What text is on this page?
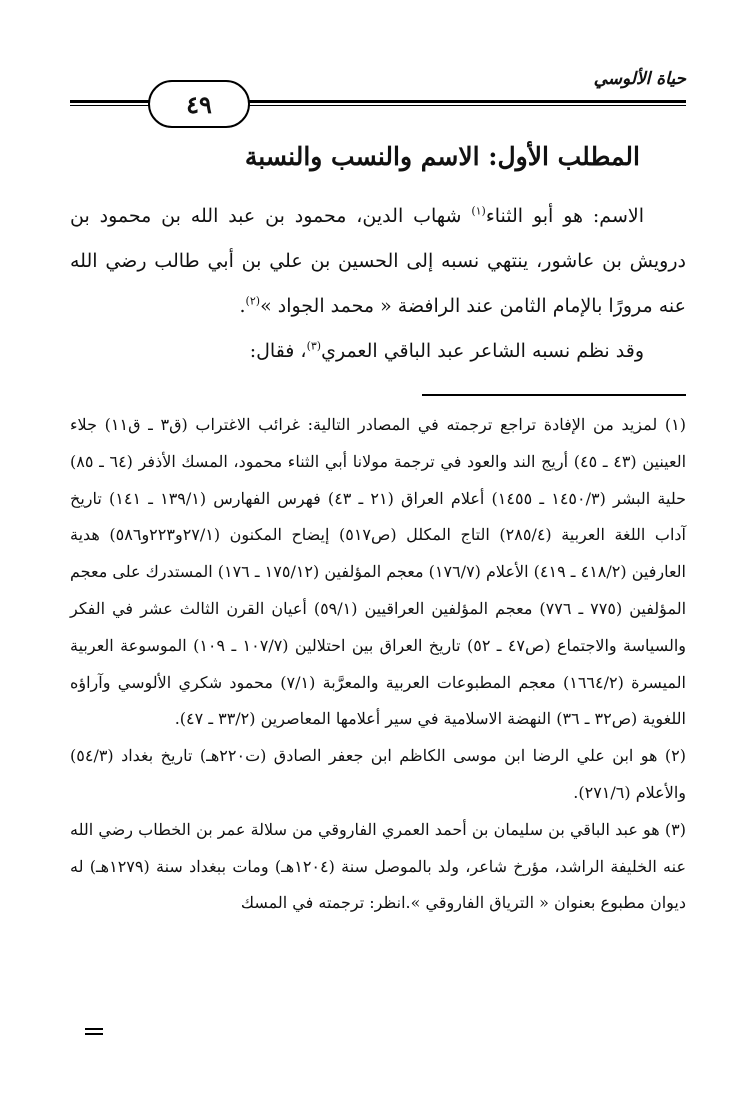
حياة الألوسي
٤٩
المطلب الأول: الاسم والنسب والنسبة

الاسم: هو أبو الثناء$^{(١)}$ شهاب الدين، محمود بن عبد الله بن محمود بن درويش بن عاشور، ينتهي نسبه إلى الحسين بن علي بن أبي طالب رضي الله عنه مرورًا بالإمام الثامن عند الرافضة « محمد الجواد »$^{(٢)}$.

وقد نظم نسبه الشاعر عبد الباقي العمري$^{(٣)}$، فقال:

(١) لمزيد من الإفادة تراجع ترجمته في المصادر التالية: غرائب الاغتراب (ق٣ ـ ق١١) جلاء العينين (٤٣ ـ ٤٥) أريج الند والعود في ترجمة مولانا أبي الثناء محمود، المسك الأذفر (٦٤ ـ ٨٥) حلية البشر (١٤٥٠/٣ ـ ١٤٥٥) أعلام العراق (٢١ ـ ٤٣) فهرس الفهارس (١٣٩/١ ـ ١٤١) تاريخ آداب اللغة العربية (٢٨٥/٤) التاج المكلل (ص٥١٧) إيضاح المكنون (٢٧/١و٢٢٣و٥٨٦) هدية العارفين (٤١٨/٢ ـ ٤١٩) الأعلام (١٧٦/٧) معجم المؤلفين (١٧٥/١٢ ـ ١٧٦) المستدرك على معجم المؤلفين (٧٧٥ ـ ٧٧٦) معجم المؤلفين العراقيين (٥٩/١) أعيان القرن الثالث عشر في الفكر والسياسة والاجتماع (ص٤٧ ـ ٥٢) تاريخ العراق بين احتلالين (١٠٧/٧ ـ ١٠٩) الموسوعة العربية الميسرة (١٦٦٤/٢) معجم المطبوعات العربية والمعرَّبة (٧/١) محمود شكري الألوسي وآراؤه اللغوية (ص٣٢ ـ ٣٦) النهضة الاسلامية في سير أعلامها المعاصرين (٣٣/٢ ـ ٤٧).

(٢) هو ابن علي الرضا ابن موسى الكاظم ابن جعفر الصادق (ت٢٢٠هـ) تاريخ بغداد (٥٤/٣) والأعلام (٢٧١/٦).

(٣) هو عبد الباقي بن سليمان بن أحمد العمري الفاروقي من سلالة عمر بن الخطاب رضي الله عنه الخليفة الراشد، مؤرخ شاعر، ولد بالموصل سنة (١٢٠٤هـ) ومات ببغداد سنة (١٢٧٩هـ) له ديوان مطبوع بعنوان « الترياق الفاروقي ».انظر: ترجمته في المسك
